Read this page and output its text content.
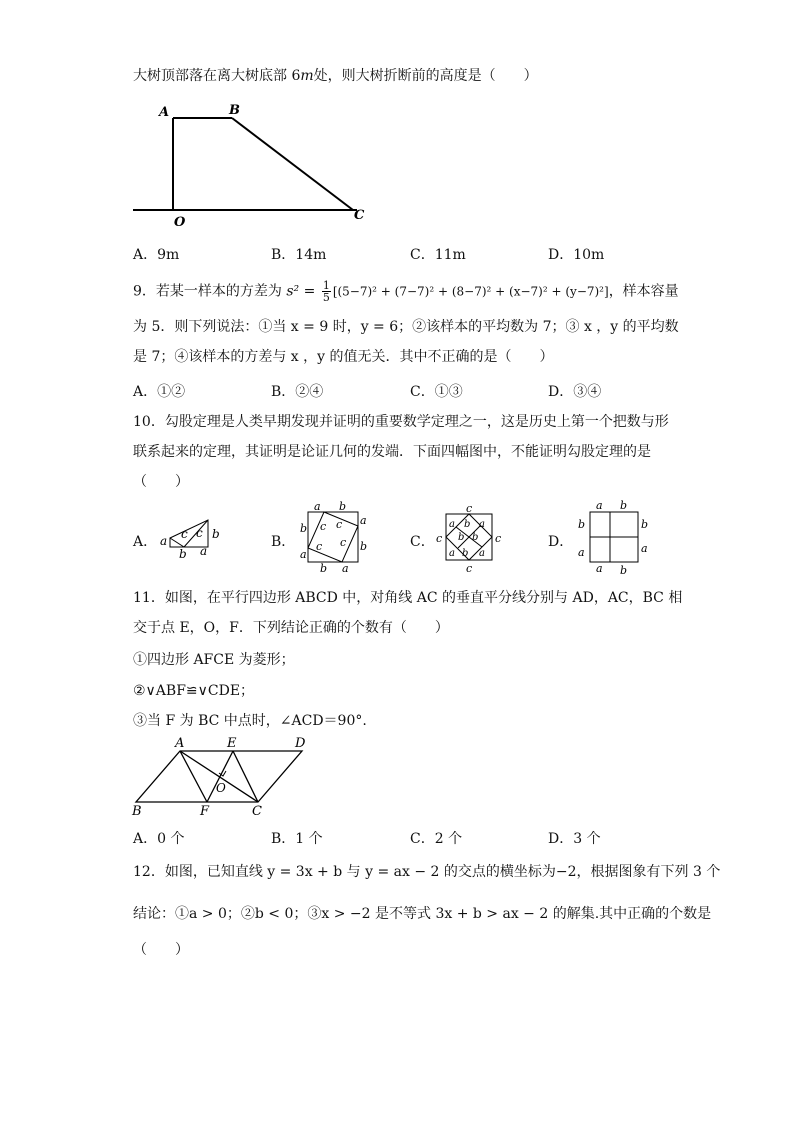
大树顶部落在离大树底部 6m处，则大树折断前的高度是（　　）
A	B
O	C
A．9m	B．14m	C．11m	D．10m
9．若某一样本的方差为 $s^2 = \frac{1}{5} [(5-7)^2 + (7-7)^2 + (8-7)^2 + (x-7)^2 + (y-7)^2]$，样本容量
为 5．则下列说法：①当 x = 9 时，y = 6；②该样本的平均数为 7；③ x ，y 的平均数
是 7；④该样本的方差与 x ，y 的值无关．其中不正确的是（　　）
A．①②	B．②④	C．①③	D．③④
10．勾股定理是人类早期发现并证明的重要数学定理之一，这是历史上第一个把数与形
联系起来的定理，其证明是论证几何的发端．下面四幅图中，不能证明勾股定理的是
（　　）
A． a c c b
b a
B．
a b
b
a
a
b
b a
c c
c c	C．
c
c	c
c
a b a
b b
a b a
D．
a b
b
a
b
a
a b
11．如图，在平行四边形 ABCD 中，对角线 AC 的垂直平分线分别与 AD，AC，BC 相
交于点 E，O，F．下列结论正确的个数有（　　）
①四边形 AFCE 为菱形；
②∨ABF≌∨CDE；
③当 F 为 BC 中点时，∠ACD＝90°.
A	E	D
O
B	F	C
A．0 个	B．1 个	C．2 个	D．3 个
12．如图，已知直线 y = 3x + b 与 y = ax − 2 的交点的横坐标为−2，根据图象有下列 3 个
结论：①a > 0；②b < 0；③x > −2 是不等式 3x + b > ax − 2 的解集.其中正确的个数是
（　　）
